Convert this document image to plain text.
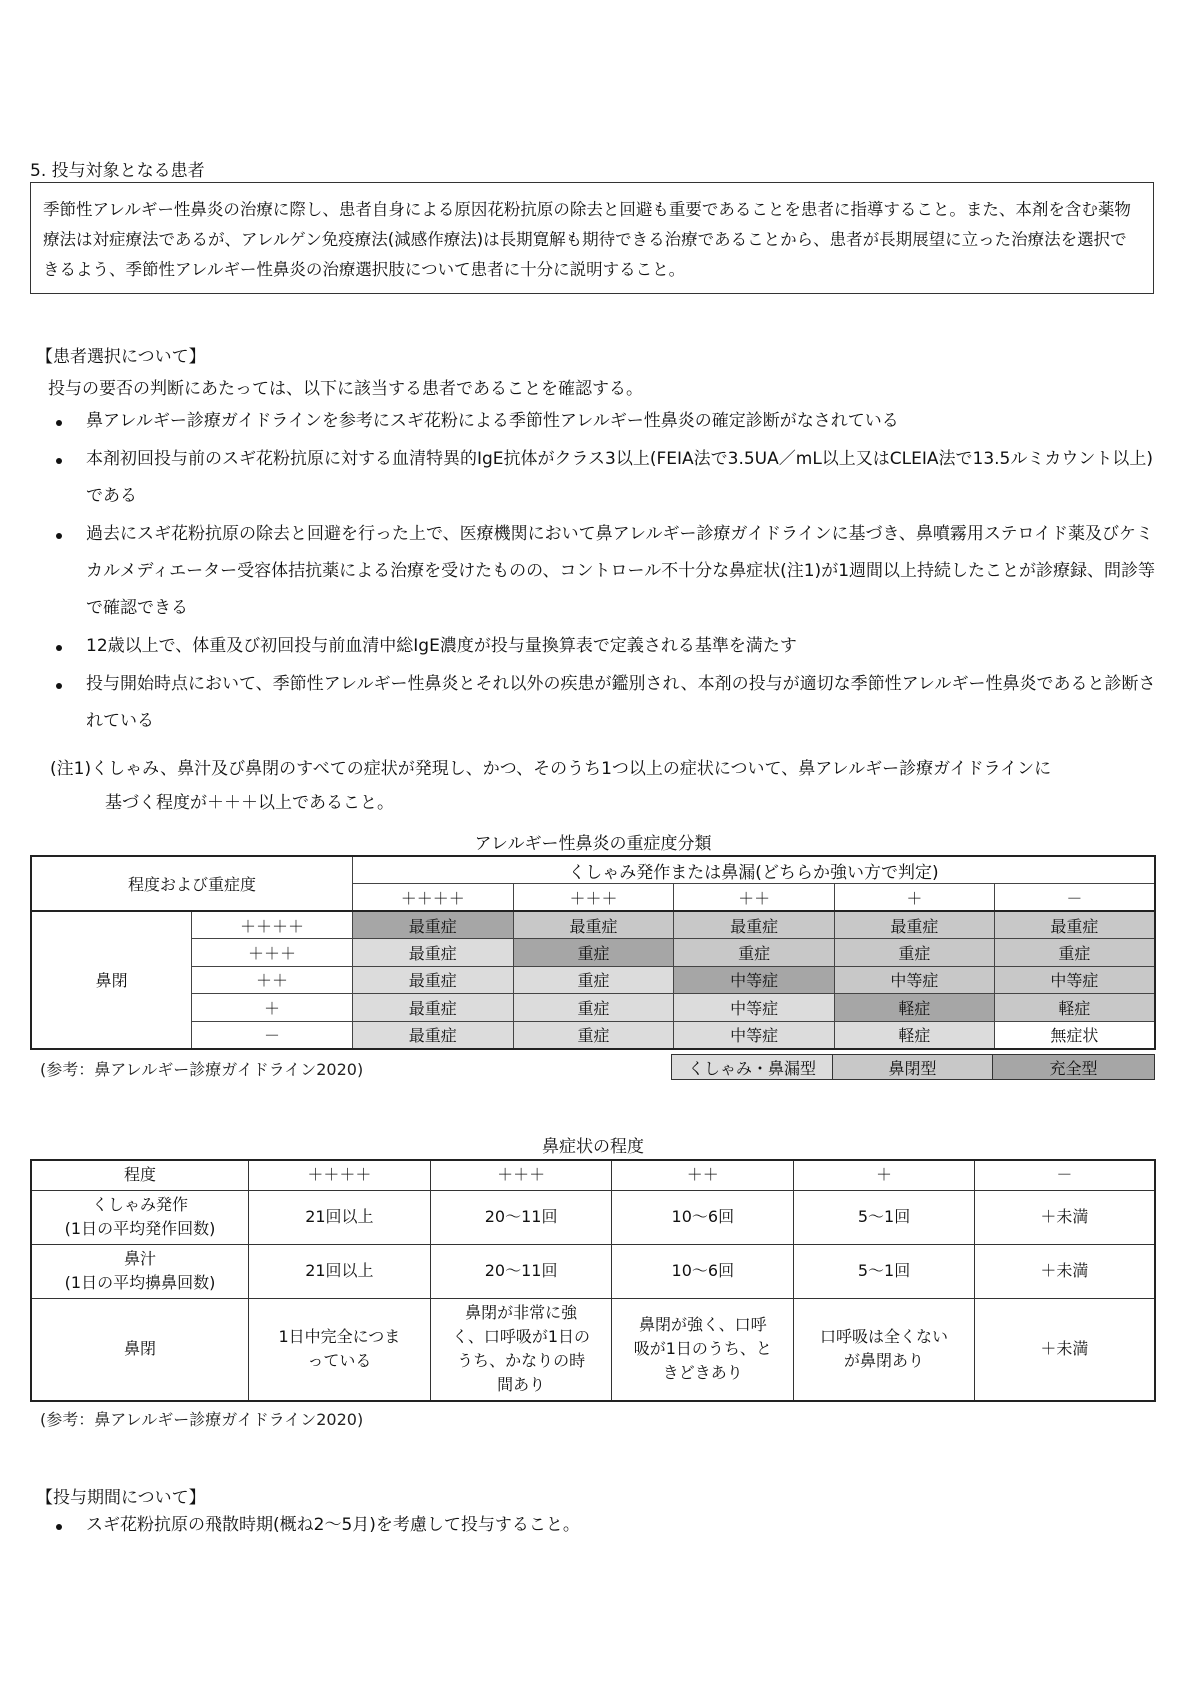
5. 投与対象となる患者
季節性アレルギー性鼻炎の治療に際し、患者自身による原因花粉抗原の除去と回避も重要であることを患者に指導すること。また、本剤を含む薬物療法は対症療法であるが、アレルゲン免疫療法(減感作療法)は長期寛解も期待できる治療であることから、患者が長期展望に立った治療法を選択できるよう、季節性アレルギー性鼻炎の治療選択肢について患者に十分に説明すること。
【患者選択について】
投与の要否の判断にあたっては、以下に該当する患者であることを確認する。
鼻アレルギー診療ガイドラインを参考にスギ花粉による季節性アレルギー性鼻炎の確定診断がなされている
本剤初回投与前のスギ花粉抗原に対する血清特異的IgE抗体がクラス3以上(FEIA法で3.5UA／mL以上又はCLEIA法で13.5ルミカウント以上)である
過去にスギ花粉抗原の除去と回避を行った上で、医療機関において鼻アレルギー診療ガイドラインに基づき、鼻噴霧用ステロイド薬及びケミカルメディエーター受容体拮抗薬による治療を受けたものの、コントロール不十分な鼻症状(注1)が1週間以上持続したことが診療録、問診等で確認できる
12歳以上で、体重及び初回投与前血清中総IgE濃度が投与量換算表で定義される基準を満たす
投与開始時点において、季節性アレルギー性鼻炎とそれ以外の疾患が鑑別され、本剤の投与が適切な季節性アレルギー性鼻炎であると診断されている
(注1)くしゃみ、鼻汁及び鼻閉のすべての症状が発現し、かつ、そのうち1つ以上の症状について、鼻アレルギー診療ガイドラインに
基づく程度が＋＋＋以上であること。
アレルギー性鼻炎の重症度分類
程度および重症度		くしゃみ発作または鼻漏(どちらか強い方で判定)				
		＋＋＋＋	＋＋＋	＋＋	＋	－
鼻閉	＋＋＋＋	最重症	最重症	最重症	最重症	最重症
	＋＋＋	最重症	重症	重症	重症	重症
	＋＋	最重症	重症	中等症	中等症	中等症
	＋	最重症	重症	中等症	軽症	軽症
	－	最重症	重症	中等症	軽症	無症状
(参考：鼻アレルギー診療ガイドライン2020)	くしゃみ・鼻漏型	鼻閉型	充全型
鼻症状の程度
程度	＋＋＋＋	＋＋＋	＋＋	＋	－

くしゃみ発作
(1日の平均発作回数)	21回以上	20～11回	10～6回	5～1回	＋未満

鼻汁
(1日の平均擤鼻回数)	21回以上	20～11回	10～6回	5～1回	＋未満
鼻閉	1日中完全につまっている	鼻閉が非常に強く、口呼吸が1日のうち、かなりの時間あり	鼻閉が強く、口呼吸が1日のうち、ときどきあり	口呼吸は全くないが鼻閉あり	＋未満
(参考：鼻アレルギー診療ガイドライン2020)
【投与期間について】
スギ花粉抗原の飛散時期(概ね2～5月)を考慮して投与すること。
